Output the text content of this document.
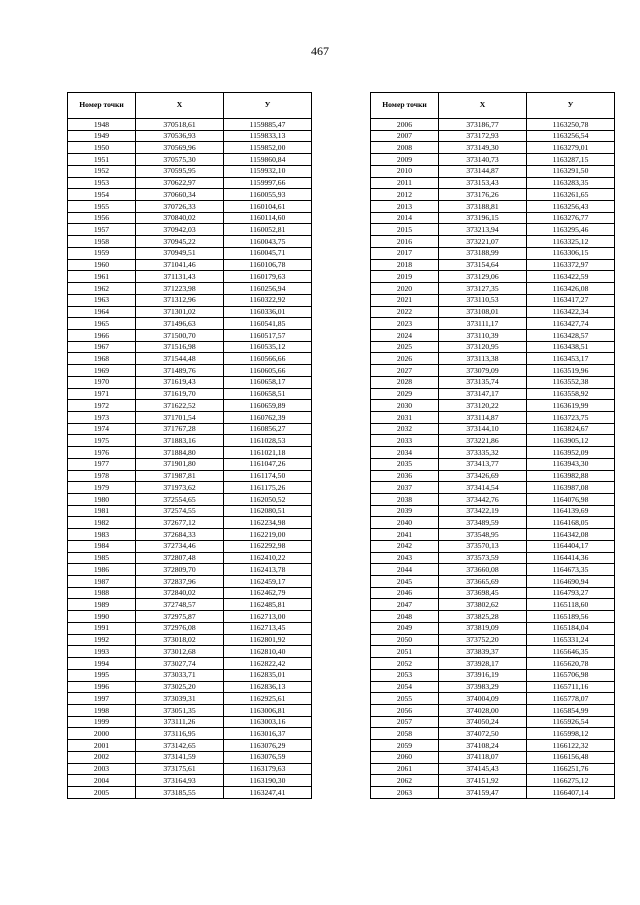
467
Номер точки	X	У
1948	370518,61	1159885,47
1949	370536,93	1159833,13
1950	370569,96	1159852,00
1951	370575,30	1159860,84
1952	370595,95	1159932,10
1953	370622,97	1159997,66
1954	370660,34	1160055,93
1955	370726,33	1160104,61
1956	370840,02	1160114,60
1957	370942,03	1160052,81
1958	370945,22	1160043,75
1959	370949,51	1160045,71
1960	371041,46	1160106,78
1961	371131,43	1160179,63
1962	371223,98	1160256,94
1963	371312,96	1160322,92
1964	371301,02	1160336,01
1965	371496,63	1160541,85
1966	371500,70	1160517,57
1967	371516,98	1160535,12
1968	371544,48	1160566,66
1969	371489,76	1160605,66
1970	371619,43	1160658,17
1971	371619,70	1160658,51
1972	371622,52	1160659,89
1973	371701,54	1160762,39
1974	371767,28	1160856,27
1975	371883,16	1161028,53
1976	371884,80	1161021,18
1977	371901,80	1161047,26
1978	371987,81	1161174,50
1979	371973,62	1161175,26
1980	372554,65	1162050,52
1981	372574,55	1162080,51
1982	372677,12	1162234,98
1983	372684,33	1162219,00
1984	372734,46	1162292,98
1985	372807,48	1162410,22
1986	372809,70	1162413,78
1987	372837,96	1162459,17
1988	372840,02	1162462,79
1989	372748,57	1162485,81
1990	372975,87	1162713,00
1991	372976,08	1162713,45
1992	373018,02	1162801,92
1993	373012,68	1162810,40
1994	373027,74	1162822,42
1995	373033,71	1162835,01
1996	373025,20	1162836,13
1997	373039,31	1162925,61
1998	373051,35	1163006,81
1999	373111,26	1163003,16
2000	373116,95	1163016,37
2001	373142,65	1163076,29
2002	373141,59	1163076,59
2003	373175,61	1163179,63
2004	373164,93	1163190,30
2005	373185,55	1163247,41
Номер точки	X	У
2006	373186,77	1163250,78
2007	373172,93	1163256,54
2008	373149,30	1163279,01
2009	373140,73	1163287,15
2010	373144,87	1163291,50
2011	373153,43	1163283,35
2012	373176,26	1163261,65
2013	373188,81	1163256,43
2014	373196,15	1163276,77
2015	373213,94	1163295,46
2016	373221,07	1163325,12
2017	373188,99	1163306,15
2018	373154,64	1163372,97
2019	373129,06	1163422,59
2020	373127,35	1163426,08
2021	373110,53	1163417,27
2022	373108,01	1163422,34
2023	373111,17	1163427,74
2024	373110,39	1163428,57
2025	373120,95	1163438,51
2026	373113,38	1163453,17
2027	373079,09	1163519,96
2028	373135,74	1163552,38
2029	373147,17	1163558,92
2030	373120,22	1163619,99
2031	373114,87	1163723,75
2032	373144,10	1163824,67
2033	373221,86	1163905,12
2034	373335,32	1163952,09
2035	373413,77	1163943,30
2036	373426,69	1163982,88
2037	373414,54	1163987,08
2038	373442,76	1164076,98
2039	373422,19	1164139,69
2040	373489,59	1164168,05
2041	373548,95	1164342,08
2042	373570,13	1164404,17
2043	373573,59	1164414,36
2044	373660,08	1164673,35
2045	373665,69	1164690,94
2046	373698,45	1164793,27
2047	373802,62	1165118,60
2048	373825,28	1165189,56
2049	373819,09	1165184,04
2050	373752,20	1165331,24
2051	373839,37	1165646,35
2052	373928,17	1165620,78
2053	373916,19	1165706,98
2054	373983,29	1165711,16
2055	374004,09	1165778,07
2056	374028,00	1165854,99
2057	374050,24	1165926,54
2058	374072,50	1165998,12
2059	374108,24	1166122,32
2060	374118,07	1166156,48
2061	374145,43	1166251,76
2062	374151,92	1166275,12
2063	374159,47	1166407,14
